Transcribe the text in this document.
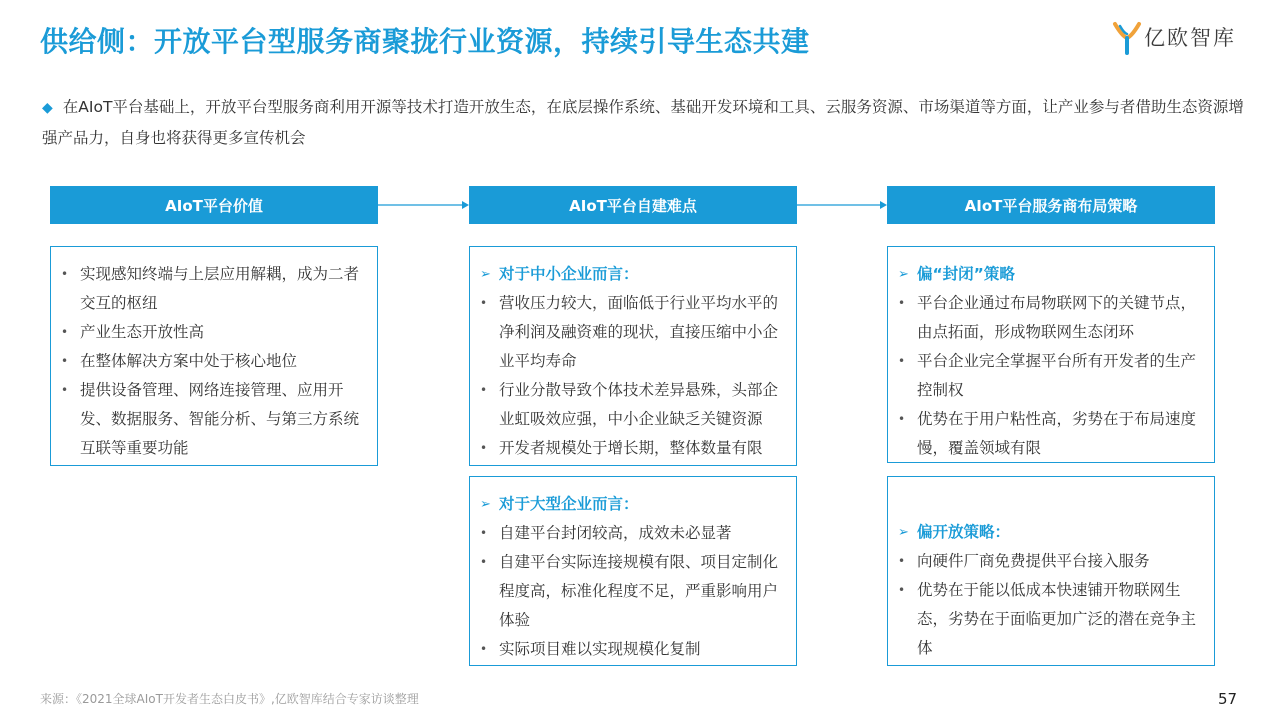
供给侧：开放平台型服务商聚拢行业资源，持续引导生态共建	亿欧智库
◆ 在AIoT平台基础上，开放平台型服务商利用开源等技术打造开放生态，在底层操作系统、基础开发环境和工具、云服务资源、市场渠道等方面，让产业参与者借助生态资源增强产品力，自身也将获得更多宣传机会
AIoT平台价值	AIoT平台自建难点	AIoT平台服务商布局策略
• 实现感知终端与上层应用解耦，成为二者交互的枢纽
• 产业生态开放性高
• 在整体解决方案中处于核心地位
• 提供设备管理、网络连接管理、应用开发、数据服务、智能分析、与第三方系统互联等重要功能
➢ 对于中小企业而言：
• 营收压力较大，面临低于行业平均水平的净利润及融资难的现状，直接压缩中小企业平均寿命
• 行业分散导致个体技术差异悬殊，头部企业虹吸效应强，中小企业缺乏关键资源
• 开发者规模处于增长期，整体数量有限
➢ 对于大型企业而言：
• 自建平台封闭较高，成效未必显著
• 自建平台实际连接规模有限、项目定制化程度高，标准化程度不足，严重影响用户体验
• 实际项目难以实现规模化复制
➢ 偏“封闭”策略
• 平台企业通过布局物联网下的关键节点，由点拓面，形成物联网生态闭环
• 平台企业完全掌握平台所有开发者的生产控制权
• 优势在于用户粘性高，劣势在于布局速度慢，覆盖领域有限
➢ 偏开放策略：
• 向硬件厂商免费提供平台接入服务
• 优势在于能以低成本快速铺开物联网生态，劣势在于面临更加广泛的潜在竞争主体
来源：《2021全球AIoT开发者生态白皮书》,亿欧智库结合专家访谈整理	57
